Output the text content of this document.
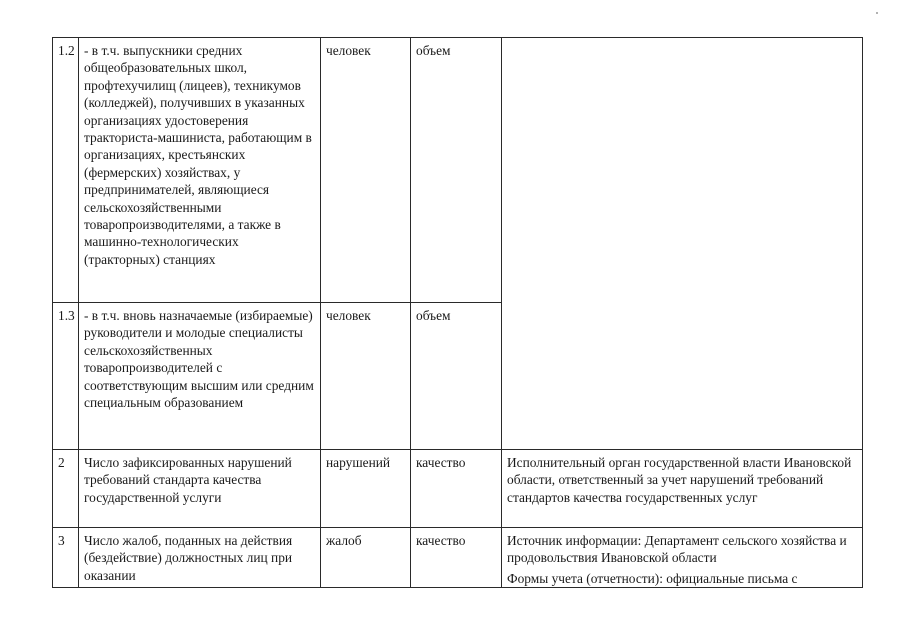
1.2	- в т.ч. выпускники средних общеобразовательных школ, профтехучилищ (лицеев), техникумов (колледжей), получивших в указанных организациях удостоверения тракториста-машиниста, работающим в организациях, крестьянских (фермерских) хозяйствах, у предпринимателей, являющиеся сельскохозяйственными товаропроизводителями, а также в машинно-технологических (тракторных) станциях	человек	объем	
1.3	- в т.ч. вновь назначаемые (избираемые) руководители и молодые специалисты сельскохозяйственных товаропроизводителей с соответствующим высшим или средним специальным образованием	человек	объем	
2	Число зафиксированных нарушений требований стандарта качества государственной услуги	нарушений	качество	Исполнительный орган государственной власти Ивановской области, ответственный за учет нарушений требований стандартов качества государственных услуг
3	Число жалоб, поданных на действия (бездействие) должностных лиц при оказании	жалоб	качество	Источник информации: Департамент сельского хозяйства и продовольствия Ивановской области
Формы учета (отчетности): официальные письма с
